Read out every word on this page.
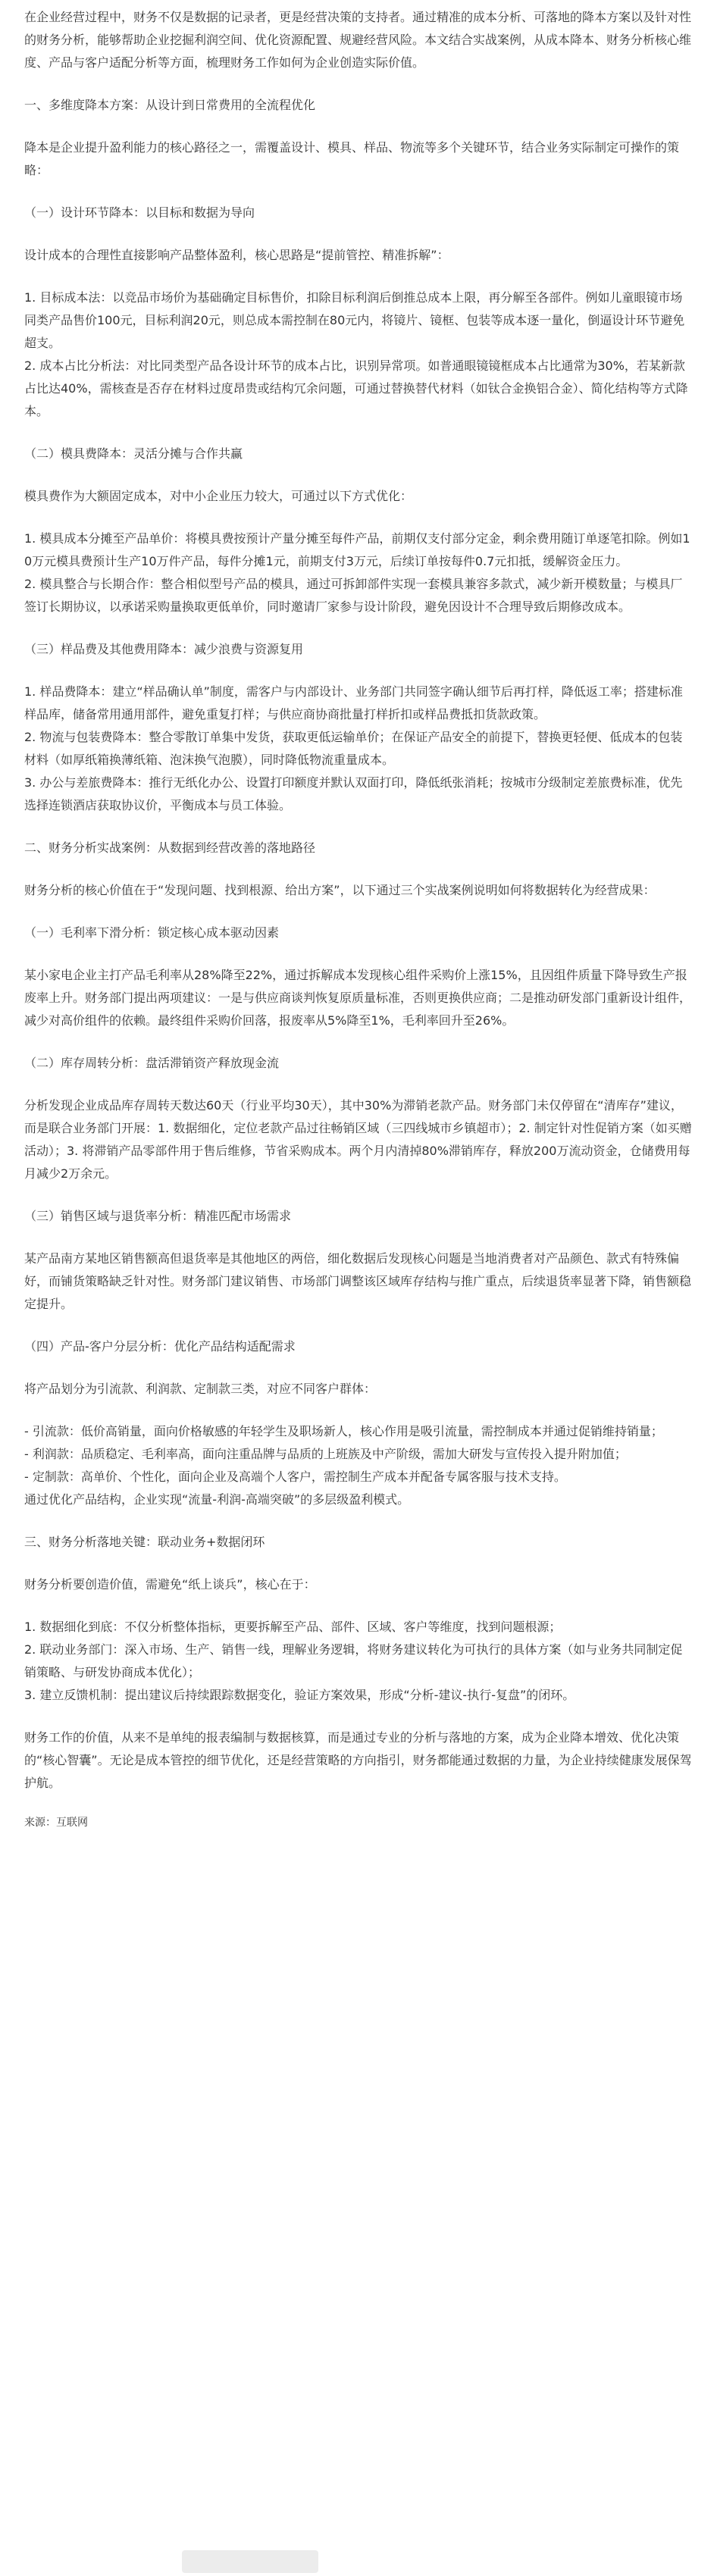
在企业经营过程中，财务不仅是数据的记录者，更是经营决策的支持者。通过精准的成本分析、可落地的降本方案以及针对性的财务分析，能够帮助企业挖掘利润空间、优化资源配置、规避经营风险。本文结合实战案例，从成本降本、财务分析核心维度、产品与客户适配分析等方面，梳理财务工作如何为企业创造实际价值。

一、多维度降本方案：从设计到日常费用的全流程优化

降本是企业提升盈利能力的核心路径之一，需覆盖设计、模具、样品、物流等多个关键环节，结合业务实际制定可操作的策略：

（一）设计环节降本：以目标和数据为导向

设计成本的合理性直接影响产品整体盈利，核心思路是“提前管控、精准拆解”：

1. 目标成本法：以竞品市场价为基础确定目标售价，扣除目标利润后倒推总成本上限，再分解至各部件。例如儿童眼镜市场同类产品售价100元，目标利润20元，则总成本需控制在80元内，将镜片、镜框、包装等成本逐一量化，倒逼设计环节避免超支。

2. 成本占比分析法：对比同类型产品各设计环节的成本占比，识别异常项。如普通眼镜镜框成本占比通常为30%，若某新款占比达40%，需核查是否存在材料过度昂贵或结构冗余问题，可通过替换替代材料（如钛合金换铝合金）、简化结构等方式降本。

（二）模具费降本：灵活分摊与合作共赢

模具费作为大额固定成本，对中小企业压力较大，可通过以下方式优化：

1. 模具成本分摊至产品单价：将模具费按预计产量分摊至每件产品，前期仅支付部分定金，剩余费用随订单逐笔扣除。例如10万元模具费预计生产10万件产品，每件分摊1元，前期支付3万元，后续订单按每件0.7元扣抵，缓解资金压力。

2. 模具整合与长期合作：整合相似型号产品的模具，通过可拆卸部件实现一套模具兼容多款式，减少新开模数量；与模具厂签订长期协议，以承诺采购量换取更低单价，同时邀请厂家参与设计阶段，避免因设计不合理导致后期修改成本。

（三）样品费及其他费用降本：减少浪费与资源复用

1. 样品费降本：建立“样品确认单”制度，需客户与内部设计、业务部门共同签字确认细节后再打样，降低返工率；搭建标准样品库，储备常用通用部件，避免重复打样；与供应商协商批量打样折扣或样品费抵扣货款政策。

2. 物流与包装费降本：整合零散订单集中发货，获取更低运输单价；在保证产品安全的前提下，替换更轻便、低成本的包装材料（如厚纸箱换薄纸箱、泡沫换气泡膜），同时降低物流重量成本。

3. 办公与差旅费降本：推行无纸化办公、设置打印额度并默认双面打印，降低纸张消耗；按城市分级制定差旅费标准，优先选择连锁酒店获取协议价，平衡成本与员工体验。

二、财务分析实战案例：从数据到经营改善的落地路径

财务分析的核心价值在于“发现问题、找到根源、给出方案”，以下通过三个实战案例说明如何将数据转化为经营成果：

（一）毛利率下滑分析：锁定核心成本驱动因素

某小家电企业主打产品毛利率从28%降至22%，通过拆解成本发现核心组件采购价上涨15%，且因组件质量下降导致生产报废率上升。财务部门提出两项建议：一是与供应商谈判恢复原质量标准，否则更换供应商；二是推动研发部门重新设计组件，减少对高价组件的依赖。最终组件采购价回落，报废率从5%降至1%，毛利率回升至26%。

（二）库存周转分析：盘活滞销资产释放现金流

分析发现企业成品库存周转天数达60天（行业平均30天），其中30%为滞销老款产品。财务部门未仅停留在“清库存”建议，而是联合业务部门开展：1. 数据细化，定位老款产品过往畅销区域（三四线城市乡镇超市）；2. 制定针对性促销方案（如买赠活动）；3. 将滞销产品零部件用于售后维修，节省采购成本。两个月内清掉80%滞销库存，释放200万流动资金，仓储费用每月减少2万余元。

（三）销售区域与退货率分析：精准匹配市场需求

某产品南方某地区销售额高但退货率是其他地区的两倍，细化数据后发现核心问题是当地消费者对产品颜色、款式有特殊偏好，而铺货策略缺乏针对性。财务部门建议销售、市场部门调整该区域库存结构与推广重点，后续退货率显著下降，销售额稳定提升。

（四）产品-客户分层分析：优化产品结构适配需求

将产品划分为引流款、利润款、定制款三类，对应不同客户群体：

- 引流款：低价高销量，面向价格敏感的年轻学生及职场新人，核心作用是吸引流量，需控制成本并通过促销维持销量；

- 利润款：品质稳定、毛利率高，面向注重品牌与品质的上班族及中产阶级，需加大研发与宣传投入提升附加值；

- 定制款：高单价、个性化，面向企业及高端个人客户，需控制生产成本并配备专属客服与技术支持。

通过优化产品结构，企业实现“流量-利润-高端突破”的多层级盈利模式。

三、财务分析落地关键：联动业务+数据闭环

财务分析要创造价值，需避免“纸上谈兵”，核心在于：

1. 数据细化到底：不仅分析整体指标，更要拆解至产品、部件、区域、客户等维度，找到问题根源；

2. 联动业务部门：深入市场、生产、销售一线，理解业务逻辑，将财务建议转化为可执行的具体方案（如与业务共同制定促销策略、与研发协商成本优化）；

3. 建立反馈机制：提出建议后持续跟踪数据变化，验证方案效果，形成“分析-建议-执行-复盘”的闭环。

财务工作的价值，从来不是单纯的报表编制与数据核算，而是通过专业的分析与落地的方案，成为企业降本增效、优化决策的“核心智囊”。无论是成本管控的细节优化，还是经营策略的方向指引，财务都能通过数据的力量，为企业持续健康发展保驾护航。

来源：互联网
